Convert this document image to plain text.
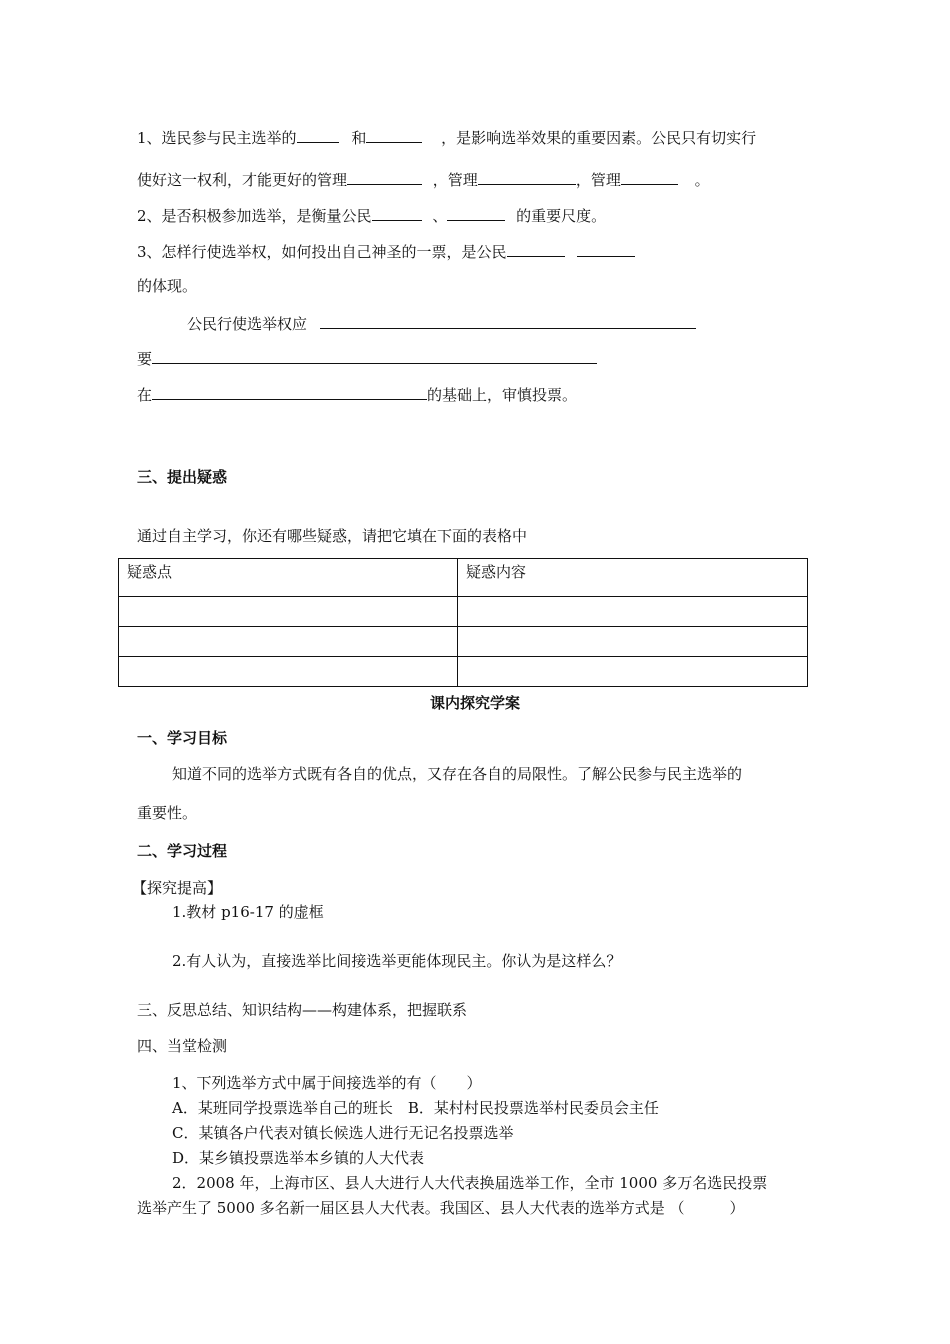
1、选民参与民主选举的	和	，是影响选举效果的重要因素。公民只有切实行
使好这一权利，才能更好的管理	，管理	，管理	。
2、是否积极参加选举，是衡量公民	、	的重要尺度。
3、怎样行使选举权，如何投出自己神圣的一票，是公民
的体现。
公民行使选举权应
要
在	的基础上，审慎投票。
三、提出疑惑
通过自主学习，你还有哪些疑惑，请把它填在下面的表格中
疑惑点	疑惑内容

课内探究学案
一、学习目标
知道不同的选举方式既有各自的优点，又存在各自的局限性。了解公民参与民主选举的
重要性。
二、学习过程
【探究提高】
1.教材 p16-17 的虚框
2.有人认为，直接选举比间接选举更能体现民主。你认为是这样么？
三、反思总结、知识结构——构建体系，把握联系
四、当堂检测
1、下列选举方式中属于间接选举的有（　　）
A．某班同学投票选举自己的班长　B．某村村民投票选举村民委员会主任
C．某镇各户代表对镇长候选人进行无记名投票选举
D．某乡镇投票选举本乡镇的人大代表
2．2008 年，上海市区、县人大进行人大代表换届选举工作，全市 1000 多万名选民投票
选举产生了 5000 多名新一届区县人大代表。我国区、县人大代表的选举方式是 （　　　）
